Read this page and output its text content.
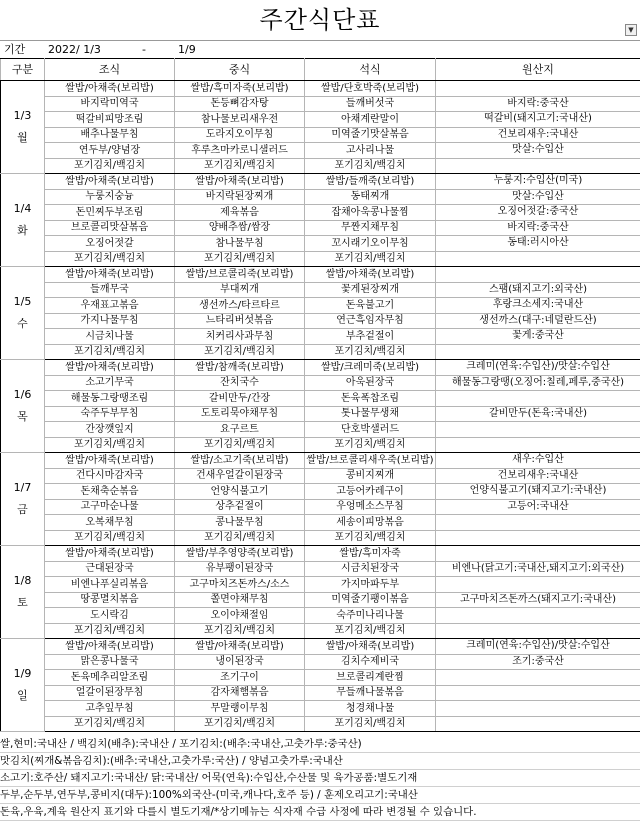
주간식단표	▼
기간 2022/ 1/3	-	1/9
구분	조식	중식	석식	원산지

1/3
월	쌀밥/아채죽(보리밥)	쌀밥/흑미자죽(보리밥)	쌀밥/단호박죽(보리밥)	
	바지락미역국	돈등뼈감자탕	들깨버섯국	바지락:중국산
	떡갈비피망조림	참나물보리새우전	아채계란말이	떡갈비(돼지고기:국내산)
	배추나물무침	도라지오이무침	미역줄기맛살볶음	건보리새우:국내산
	연두부/양념장	후루츠마카로니샐러드	고사리나물	맛살:수입산
	포기김치/백김치	포기김치/백김치	포기김치/백김치	

1/4
화	쌀밥/아채죽(보리밥)	쌀밥/아채죽(보리밥)	쌀밥/들깨죽(보리밥)	누룽지:수입산(미국)
	누룽지숭늉	바지락된장찌개	동태찌개	맛살:수입산
	돈민찌두부조림	제육볶음	잡채아욱콩나물찜	오징어젓갈:중국산
	브로콜리맛살볶음	양배추쌈/쌈장	무짠지채무침	바지락:중국산
	오징어젓갈	참나물무침	꼬시래기오이무침	동태:러시아산
	포기김치/백김치	포기김치/백김치	포기김치/백김치	

1/5
수	쌀밥/아채죽(보리밥)	쌀밥/브로콜리죽(보리밥)	쌀밥/아채죽(보리밥)	
	들깨무국	부대찌개	꽃게된장찌개	스팸(돼지고기:외국산)
	우재표고볶음	생선까스/타르타르	돈육불고기	후랑크소세지:국내산
	가지나물무침	느타리버섯볶음	연근흑임자무침	생선까스(대구:네덜란드산)
	시금치나물	치커리사과무침	부추겉절이	꽃게:중국산
	포기김치/백김치	포기김치/백김치	포기김치/백김치	

1/6
목	쌀밥/아채죽(보리밥)	쌀밥/참깨죽(보리밥)	쌀밥/크레미죽(보리밥)	크레미(연육:수입산)/맛살:수입산
	소고기무국	잔치국수	아욱된장국	해물동그랑땡(오징어:칠레,페루,중국산)
	해물동그랑땡조림	갈비만두/간장	돈육폭찹조림	
	숙주두부무침	도토리묵야채무침	톳나물무생채	갈비만두(돈육:국내산)
	간장깻잎지	요구르트	단호박샐러드	
	포기김치/백김치	포기김치/백김치	포기김치/백김치	

1/7
금	쌀밥/아채죽(보리밥)	쌀밥/소고기죽(보리밥)	쌀밥/브로콜리새우죽(보리밥)	새우:수입산
	건다시마감자국	건새우얼갈이된장국	콩비지찌개	건보리새우:국내산
	돈채축순볶음	언양식불고기	고등어카레구이	언양식불고기(돼지고기:국내산)
	고구마순나물	상추겉절이	우엉메소스무침	고등어:국내산
	오복채무침	콩나물무침	세송이피망볶음	
	포기김치/백김치	포기김치/백김치	포기김치/백김치	

1/8
토	쌀밥/아채죽(보리밥)	쌀밥/부추영양죽(보리밥)	쌀밥/흑미자죽	
	근대된장국	유부팽이된장국	시금치된장국	비엔나(닭고기:국내산,돼지고기:외국산)
	비엔나푸실리볶음	고구마치즈돈까스/소스	가지마파두부	
	땅콩멸치볶음	쫄면야채무침	미역줄기팽이볶음	고구마치즈돈까스(돼지고기:국내산)
	도시락김	오이야채절임	숙주미나리나물	
	포기김치/백김치	포기김치/백김치	포기김치/백김치	

1/9
일	쌀밥/아채죽(보리밥)	쌀밥/아채죽(보리밥)	쌀밥/아채죽(보리밥)	크레미(연육:수입산)/맛살:수입산
	맑은콩나물국	냉이된장국	김치수제비국	조기:중국산
	돈육메추리알조림	조기구이	브로콜리계란찜	
	얼갈이된장무침	감자채햄볶음	무들깨나물볶음	
	고추잎무침	무말랭이무침	청경채나물	
	포기김치/백김치	포기김치/백김치	포기김치/백김치	
쌀,현미:국내산 / 백김치(배추):국내산 / 포기김치:(배추:국내산,고춧가루:중국산)
맛김치(찌개&볶음김치):(배추:국내산,고춧가루:국산) / 양념고춧가루:국내산
소고기:호주산/ 돼지고기:국내산/ 닭:국내산/ 어묵(연육):수입산,수산물 및 육가공품:별도기재
두부,순두부,연두부,콩비지(대두):100%외국산-(미국,캐나다,호주 등) / 훈제오리고기:국내산
돈육,우육,계육 원산지 표기와 다를시 별도기재/*상기메뉴는 식자재 수급 사정에 따라 변경될 수 있습니다.
